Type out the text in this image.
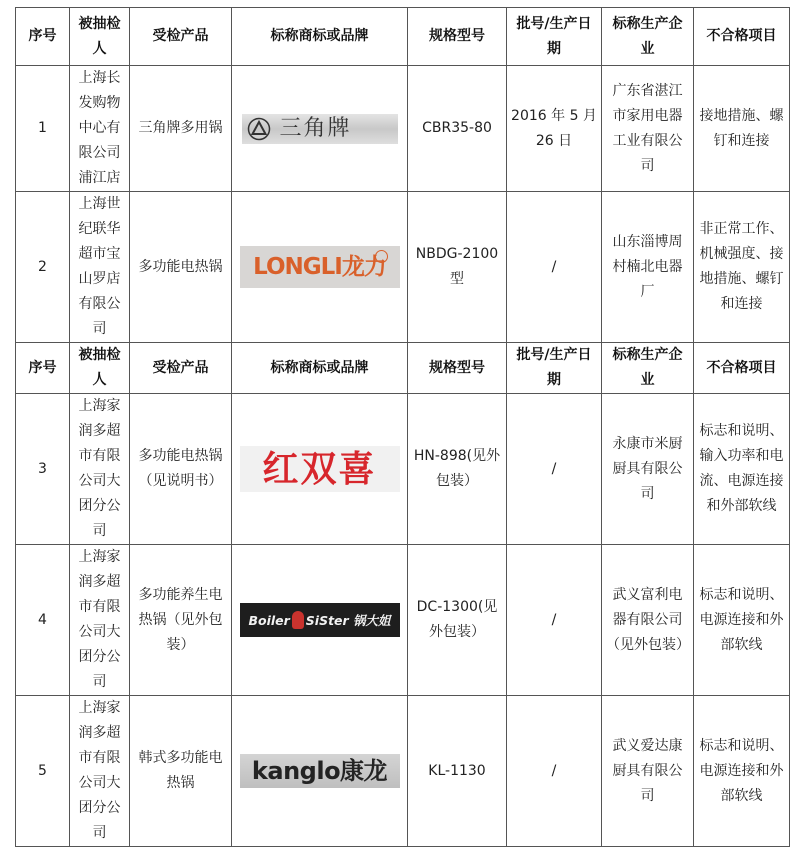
序号	被抽检人	受检产品	标称商标或品牌	规格型号	批号/生产日期	标称生产企业	不合格项目
1	上海长发购物中心有限公司浦江店	三角牌多用锅	三角牌	CBR35-80	2016 年 5 月 26 日	广东省湛江市家用电器工业有限公司	接地措施、螺钉和连接
2	上海世纪联华超市宝山罗店有限公司	多功能电热锅	LONGLI龙力	NBDG-2100 型	/	山东淄博周村楠北电器厂	非正常工作、机械强度、接地措施、螺钉和连接
序号	被抽检人	受检产品	标称商标或品牌	规格型号	批号/生产日期	标称生产企业	不合格项目
3	上海家润多超市有限公司大团分公司	多功能电热锅（见说明书）	红双喜	HN-898(见外包装）	/	永康市米厨厨具有限公司	标志和说明、输入功率和电流、电源连接和外部软线
4	上海家润多超市有限公司大团分公司	多功能养生电热锅（见外包装）	Boiler SiSter 锅大姐	DC-1300(见外包装）	/	武义富利电器有限公司（见外包装）	标志和说明、电源连接和外部软线
5	上海家润多超市有限公司大团分公司	韩式多功能电热锅	kanglo康龙	KL-1130	/	武义爱达康厨具有限公司	标志和说明、电源连接和外部软线
